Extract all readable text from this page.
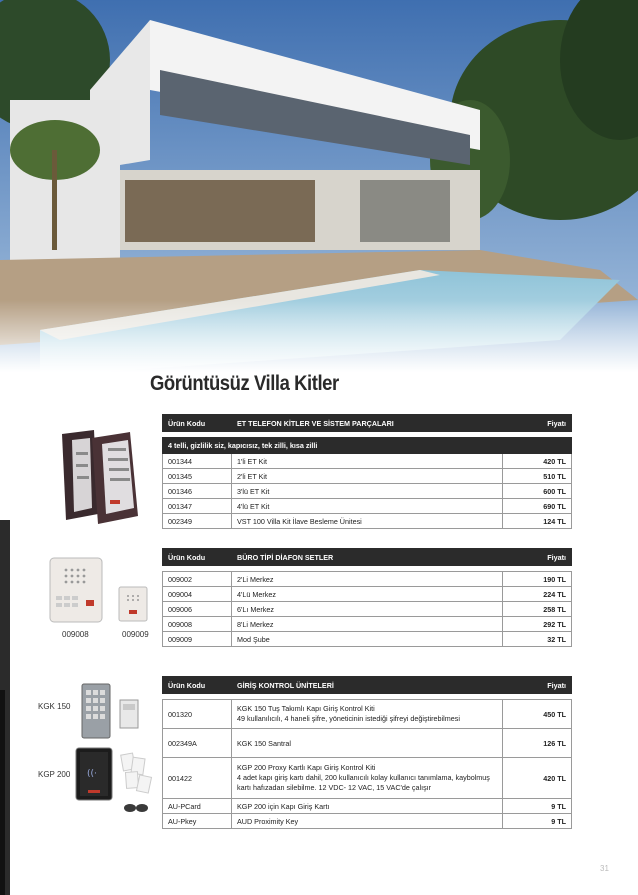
Görüntüsüz Villa Kitler
Ürün Kodu	ET TELEFON KİTLER VE SİSTEM PARÇALARI	Fiyatı

4 telli, gizlilik siz, kapıcısız, tek zilli, kısa zilli		
001344	1'li ET Kit	420 TL
001345	2'li ET Kit	510 TL
001346	3'lü ET Kit	600 TL
001347	4'lü ET Kit	690 TL
002349	VST 100 Villa Kit İlave Besleme Ünitesi	124 TL
Ürün Kodu	BÜRO TİPİ DİAFON SETLER	Fiyatı

009002	2'Li Merkez	190 TL
009004	4'Lü Merkez	224 TL
009006	6'Lı Merkez	258 TL
009008	8'Li Merkez	292 TL
009009	Mod Şube	32 TL
Ürün Kodu	GİRİŞ KONTROL ÜNİTELERİ	Fiyatı

001320	KGK 150 Tuş Takımlı Kapı Giriş Kontrol Kiti
49 kullanılıcılı, 4 haneli şifre, yöneticinin istediği şifreyi değiştirebilmesi	450 TL
002349A	KGK 150 Santral	126 TL
001422	KGP 200 Proxy Kartlı Kapı Giriş Kontrol Kiti
4 adet kapı giriş kartı dahil, 200 kullanıcılı kolay kullanıcı tanımlama, kaybolmuş
kartı hafızadan silebilme. 12 VDC- 12 VAC, 15 VAC'de çalışır	420 TL
AU-PCard	KGP 200 için Kapı Giriş Kartı	9 TL
AU-Pkey	AUD Proximity Key	9 TL
009008	009009
KGK 150
KGP 200 ((·
31
